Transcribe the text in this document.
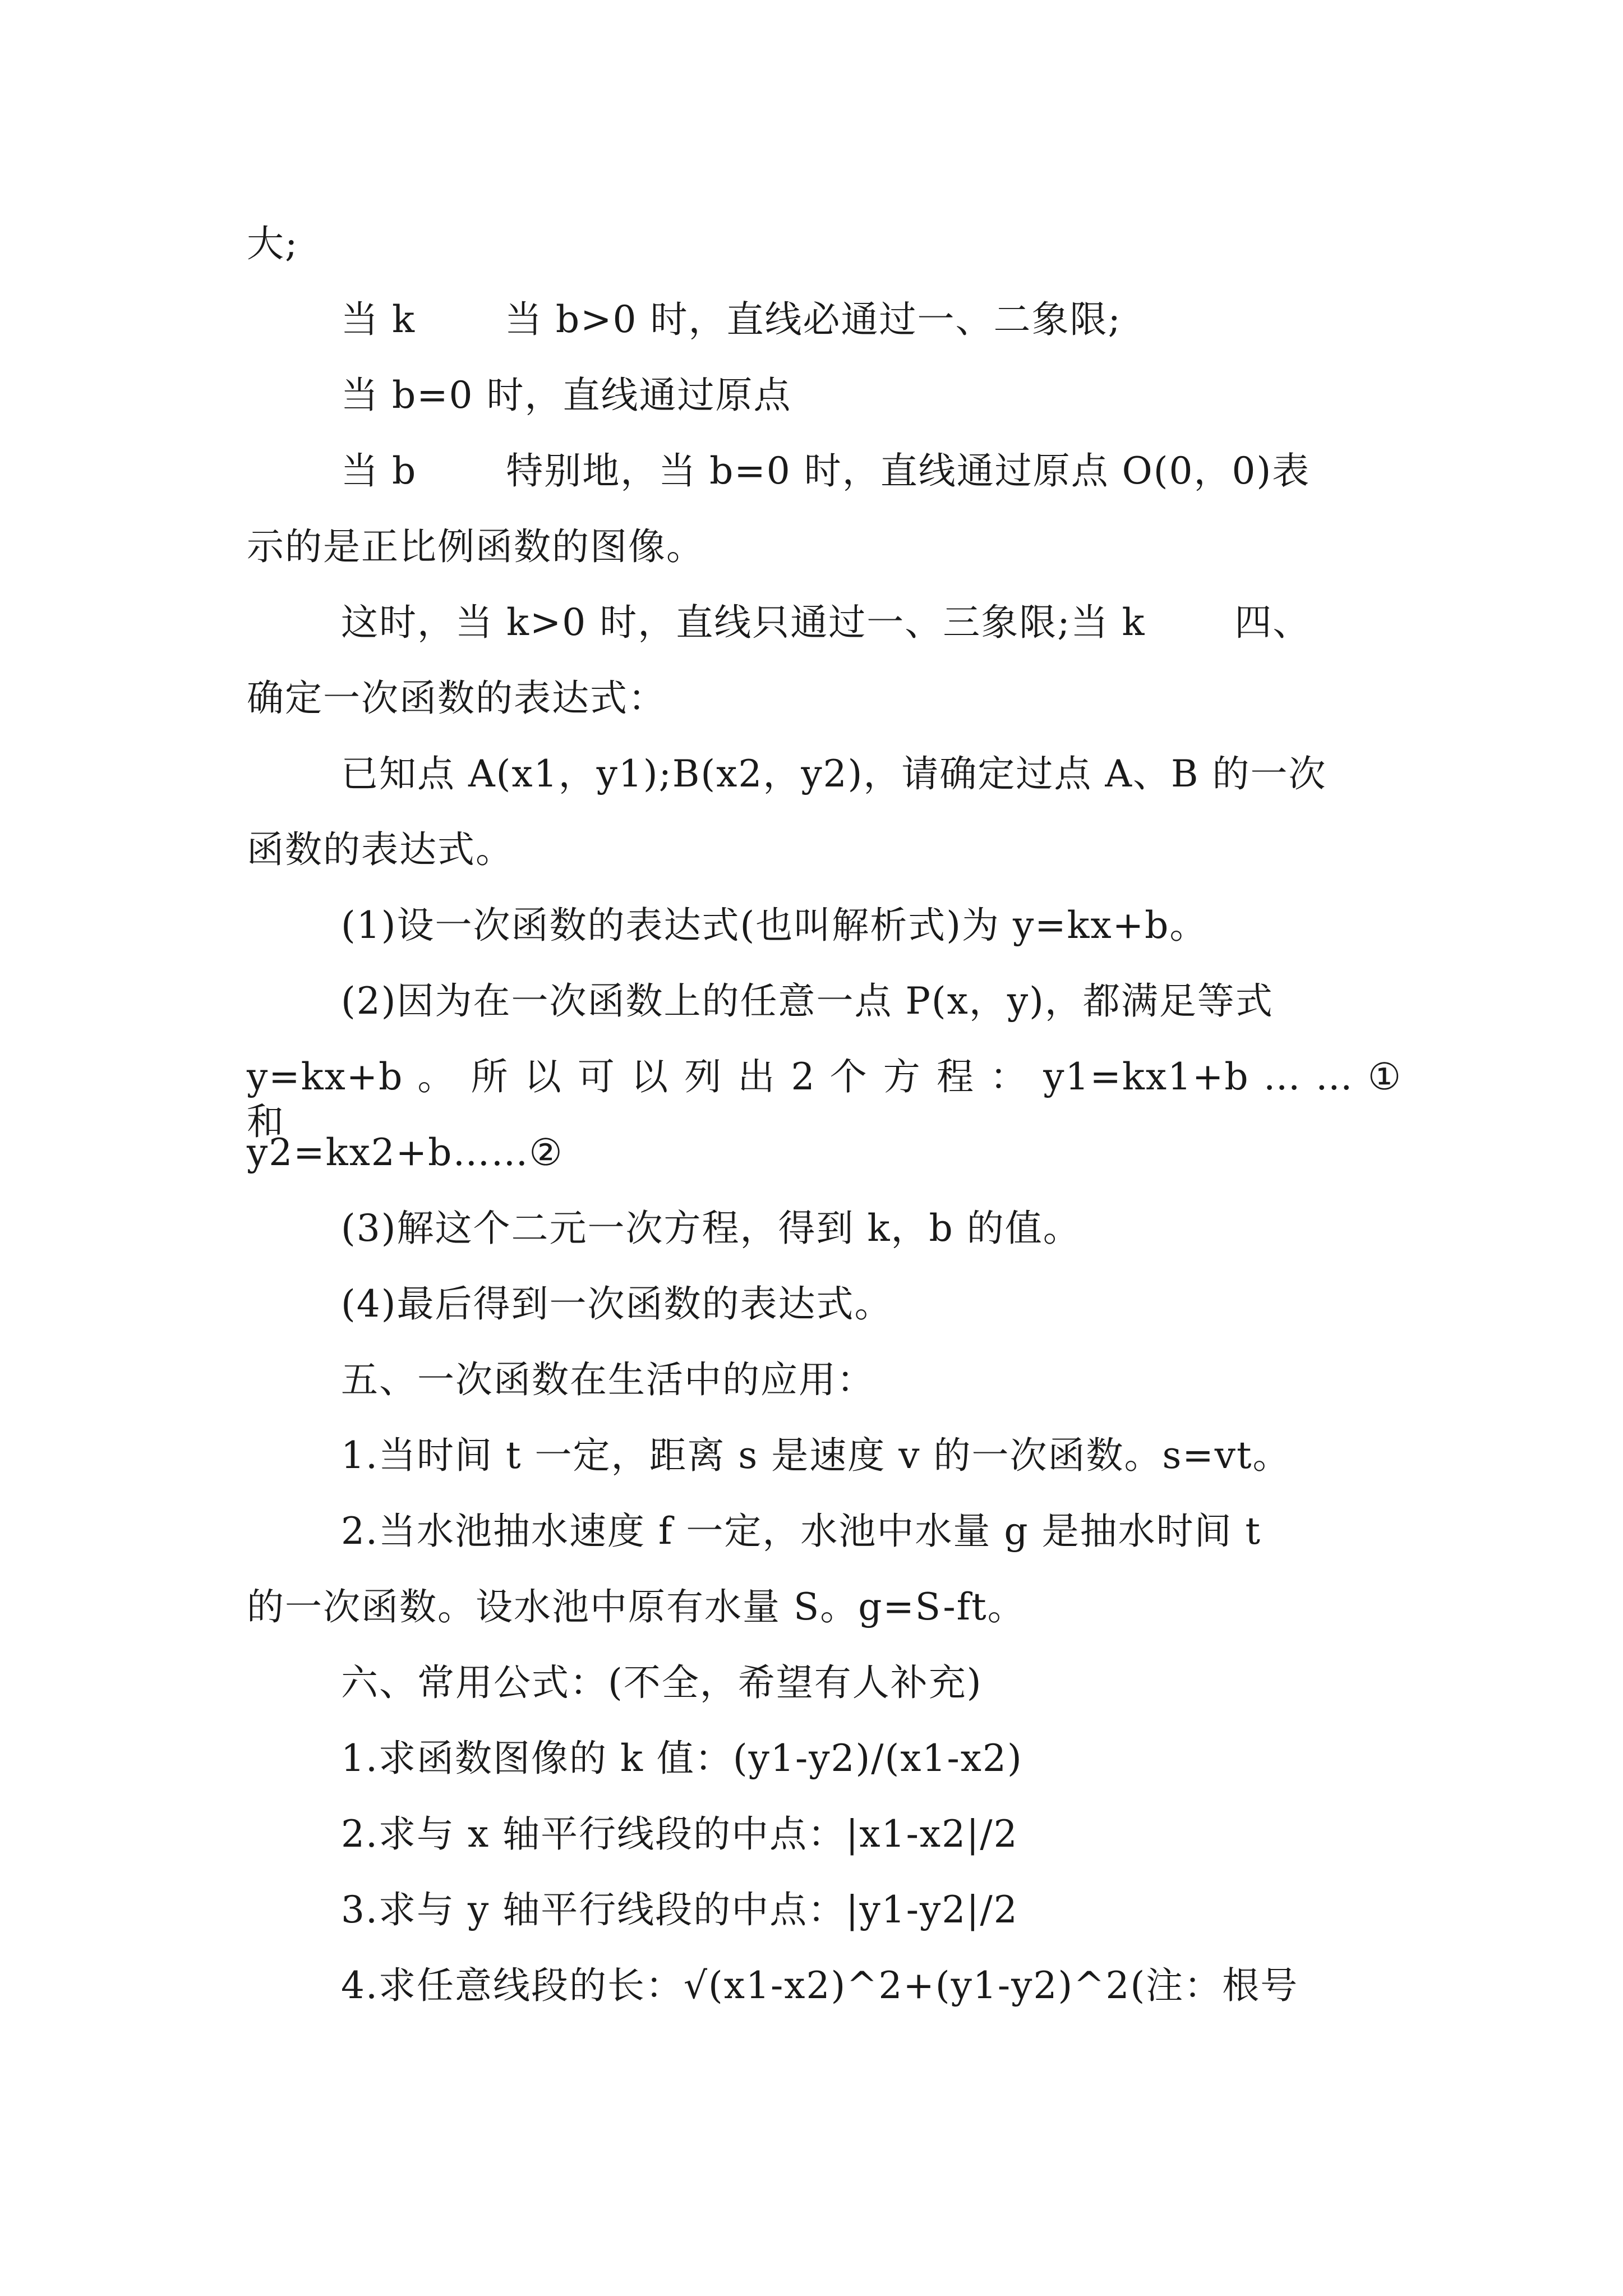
大;
当 k 　　当 b>0 时，直线必通过一、二象限;
当 b=0 时，直线通过原点
当 b 　　特别地，当 b=0 时，直线通过原点 O(0，0)表
示的是正比例函数的图像。
这时，当 k>0 时，直线只通过一、三象限;当 k 　　四、
确定一次函数的表达式：
已知点 A(x1，y1);B(x2，y2)，请确定过点 A、B 的一次
函数的表达式。
(1)设一次函数的表达式(也叫解析式)为 y=kx+b。
(2)因为在一次函数上的任意一点 P(x，y)，都满足等式
y=kx+b 。 所 以 可 以 列 出 2 个 方 程 ： y1=kx1+b … … ① 和
y2=kx2+b……②
(3)解这个二元一次方程，得到 k，b 的值。
(4)最后得到一次函数的表达式。
五、一次函数在生活中的应用：
1.当时间 t 一定，距离 s 是速度 v 的一次函数。s=vt。
2.当水池抽水速度 f 一定，水池中水量 g 是抽水时间 t
的一次函数。设水池中原有水量 S。g=S-ft。
六、常用公式：(不全，希望有人补充)
1.求函数图像的 k 值：(y1-y2)/(x1-x2)
2.求与 x 轴平行线段的中点：|x1-x2|/2
3.求与 y 轴平行线段的中点：|y1-y2|/2
4.求任意线段的长：√(x1-x2)^2+(y1-y2)^2(注：根号
